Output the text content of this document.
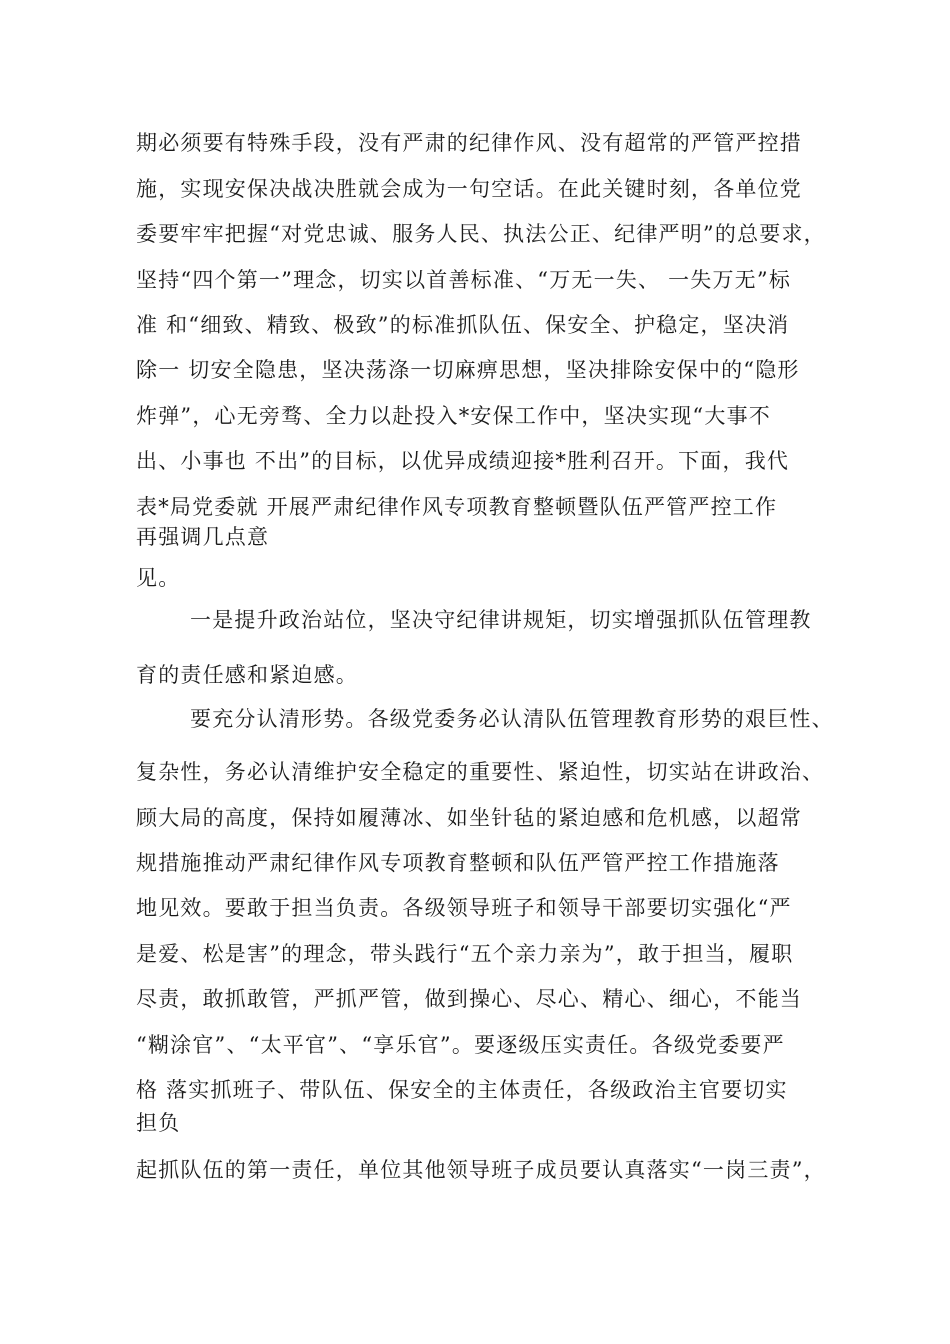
期必须要有特殊手段，没有严肃的纪律作风、没有超常的严管严控措
施，实现安保决战决胜就会成为一句空话。在此关键时刻，各单位党
委要牢牢把握“对党忠诚、服务人民、执法公正、纪律严明”的总要求，
坚持“四个第一”理念，切实以首善标准、“万无一失、 一失万无”标
准 和“细致、精致、极致”的标准抓队伍、保安全、护稳定，坚决消
除一 切安全隐患，坚决荡涤一切麻痹思想，坚决排除安保中的“隐形
炸弹”，心无旁骛、全力以赴投入*安保工作中，坚决实现“大事不
出、小事也 不出”的目标，以优异成绩迎接*胜利召开。下面，我代
表*局党委就 开展严肃纪律作风专项教育整顿暨队伍严管严控工作
再强调几点意
见。
一是提升政治站位，坚决守纪律讲规矩，切实增强抓队伍管理教
育的责任感和紧迫感。
要充分认清形势。各级党委务必认清队伍管理教育形势的艰巨性、
复杂性，务必认清维护安全稳定的重要性、紧迫性，切实站在讲政治、
顾大局的高度，保持如履薄冰、如坐针毡的紧迫感和危机感，以超常
规措施推动严肃纪律作风专项教育整顿和队伍严管严控工作措施落
地见效。要敢于担当负责。各级领导班子和领导干部要切实强化“严
是爱、松是害”的理念，带头践行“五个亲力亲为”，敢于担当，履职
尽责，敢抓敢管，严抓严管，做到操心、尽心、精心、细心，不能当
“糊涂官”、“太平官”、“享乐官”。要逐级压实责任。各级党委要严
格 落实抓班子、带队伍、保安全的主体责任，各级政治主官要切实
担负
起抓队伍的第一责任，单位其他领导班子成员要认真落实“一岗三责”，
